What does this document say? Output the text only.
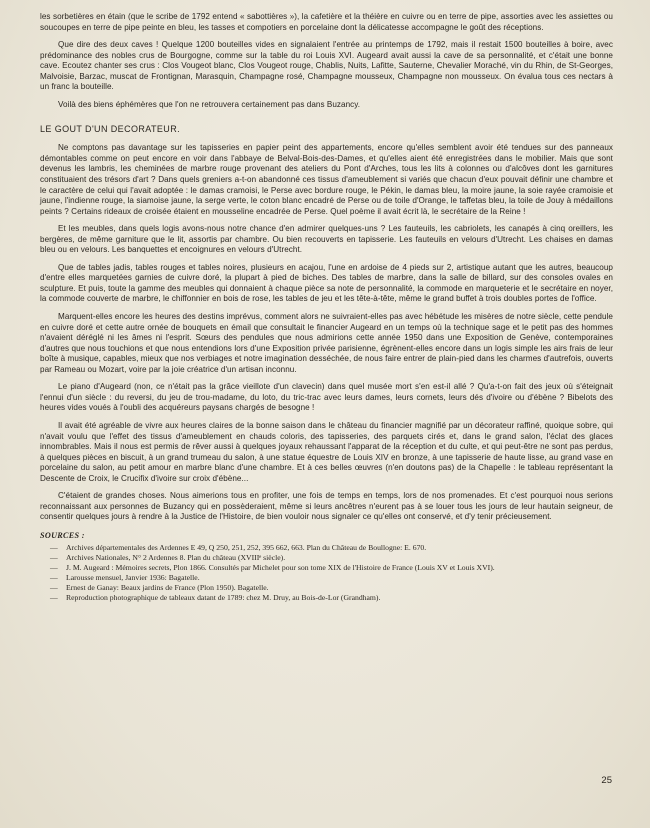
les sorbetières en étain (que le scribe de 1792 entend « sabottières »), la cafetière et la théière en cuivre ou en terre de pipe, assorties avec les assiettes ou soucoupes en terre de pipe peinte en bleu, les tasses et compotiers en porcelaine dont la délicatesse accompagne le goût des réceptions.

Que dire des deux caves ! Quelque 1200 bouteilles vides en signalaient l'entrée au printemps de 1792, mais il restait 1500 bouteilles à boire, avec prédominance des nobles crus de Bourgogne, comme sur la table du roi Louis XVI. Augeard avait aussi la cave de sa personnalité, et c'était une bonne cave. Ecoutez chanter ses crus : Clos Vougeot blanc, Clos Vougeot rouge, Chablis, Nuits, Lafitte, Sauterne, Chevalier Moraché, vin du Rhin, de St-Georges, Malvoisie, Barzac, muscat de Frontignan, Marasquin, Champagne rosé, Champagne mousseux, Champagne non mousseux. On évalua tous ces nectars à un franc la bouteille.

Voilà des biens éphémères que l'on ne retrouvera certainement pas dans Buzancy.

LE GOUT D'UN DECORATEUR.

Ne comptons pas davantage sur les tapisseries en papier peint des appartements, encore qu'elles semblent avoir été tendues sur des panneaux démontables comme on peut encore en voir dans l'abbaye de Belval-Bois-des-Dames, et qu'elles aient été enregistrées dans le mobilier. Mais que sont devenus les lambris, les cheminées de marbre rouge provenant des ateliers du Pont d'Arches, tous les lits à colonnes ou d'alcôves dont les garnitures constituaient des trésors d'art ? Dans quels greniers a-t-on abandonné ces tissus d'ameublement si variés que chacun d'eux pouvait définir une chambre et le caractère de celui qui l'avait adoptée : le damas cramoisi, le Perse avec bordure rouge, le Pékin, le damas bleu, la moire jaune, la soie rayée cramoisie et jaune, l'indienne rouge, la siamoise jaune, la serge verte, le coton blanc encadré de Perse ou de toile d'Orange, le taffetas bleu, la toile de Jouy à médaillons peints ? Certains rideaux de croisée étaient en mousseline encadrée de Perse. Quel poème il avait écrit là, le secrétaire de la Reine !

Et les meubles, dans quels logis avons-nous notre chance d'en admirer quelques-uns ? Les fauteuils, les cabriolets, les canapés à cinq oreillers, les bergères, de même garniture que le lit, assortis par chambre. Ou bien recouverts en tapisserie. Les fauteuils en velours d'Utrecht. Les chaises en damas bleu ou en velours. Les banquettes et encoignures en velours d'Utrecht.

Que de tables jadis, tables rouges et tables noires, plusieurs en acajou, l'une en ardoise de 4 pieds sur 2, artistique autant que les autres, beaucoup d'entre elles marquetées garnies de cuivre doré, la plupart à pied de biches. Des tables de marbre, dans la salle de billard, sur des consoles ovales en sculpture. Et puis, toute la gamme des meubles qui donnaient à chaque pièce sa note de personnalité, la commode en marqueterie et le secrétaire en noyer, la commode couverte de marbre, le chiffonnier en bois de rose, les tables de jeu et les tête-à-tête, même le grand buffet à trois doubles portes de l'office.

Marquent-elles encore les heures des destins imprévus, comment alors ne suivraient-elles pas avec hébétude les misères de notre siècle, cette pendule en cuivre doré et cette autre ornée de bouquets en émail que consultait le financier Augeard en un temps où la technique sage et le petit pas des hommes n'avaient déréglé ni les âmes ni l'esprit. Sœurs des pendules que nous admirions cette année 1950 dans une Exposition de Genève, contemporaines d'autres que nous touchions et que nous entendions lors d'une Exposition privée parisienne, égrènent-elles encore dans un logis simple les airs frais de leur boîte à musique, capables, mieux que nos verbiages et notre imagination desséchée, de nous faire entrer de plain-pied dans les charmes d'autrefois, ouverts par Rameau ou Mozart, voire par la joie créatrice d'un artisan inconnu.

Le piano d'Augeard (non, ce n'était pas la grâce vieillote d'un clavecin) dans quel musée mort s'en est-il allé ? Qu'a-t-on fait des jeux où s'éteignait l'ennui d'un siècle : du reversi, du jeu de trou-madame, du loto, du tric-trac avec leurs dames, leurs cornets, leurs dés d'ivoire ou d'ébène ? Bibelots des heures vides voués à l'oubli des acquéreurs paysans chargés de besogne !

Il avait été agréable de vivre aux heures claires de la bonne saison dans le château du financier magnifié par un décorateur raffiné, quoique sobre, qui n'avait voulu que l'effet des tissus d'ameublement en chauds coloris, des tapisseries, des parquets cirés et, dans le grand salon, l'éclat des glaces innombrables. Mais il nous est permis de rêver aussi à quelques joyaux rehaussant l'apparat de la réception et du culte, et qui peut-être ne sont pas perdus, à quelques pièces en biscuit, à un grand trumeau du salon, à une statue équestre de Louis XIV en bronze, à une tapisserie de haute lisse, au grand vase en porcelaine du salon, au petit amour en marbre blanc d'une chambre. Et à ces belles œuvres (n'en doutons pas) de la Chapelle : le tableau représentant la Descente de Croix, le Crucifix d'ivoire sur croix d'ébène...

C'étaient de grandes choses. Nous aimerions tous en profiter, une fois de temps en temps, lors de nos promenades. Et c'est pourquoi nous serions reconnaissant aux personnes de Buzancy qui en possèderaient, même si leurs ancêtres n'eurent pas à se louer tous les jours de leur hautain seigneur, de consentir quelques jours à rendre à la Justice de l'Histoire, de bien vouloir nous signaler ce qu'elles ont conservé, et d'y tenir précieusement.

SOURCES :
— Archives départementales des Ardennes E 49, Q 250, 251, 252, 395 662, 663. Plan du Château de Boullogne: E. 670.
— Archives Nationales, N° 2 Ardennes 8. Plan du château (XVIIIᵉ siècle).
— J. M. Augeard : Mémoires secrets, Plon 1866. Consultés par Michelet pour son tome XIX de l'Histoire de France (Louis XV et Louis XVI).
— Larousse mensuel, Janvier 1936: Bagatelle.
— Ernest de Ganay: Beaux jardins de France (Plon 1950). Bagatelle.
— Reproduction photographique de tableaux datant de 1789: chez M. Druy, au Bois-de-Lor (Grandham).
25
